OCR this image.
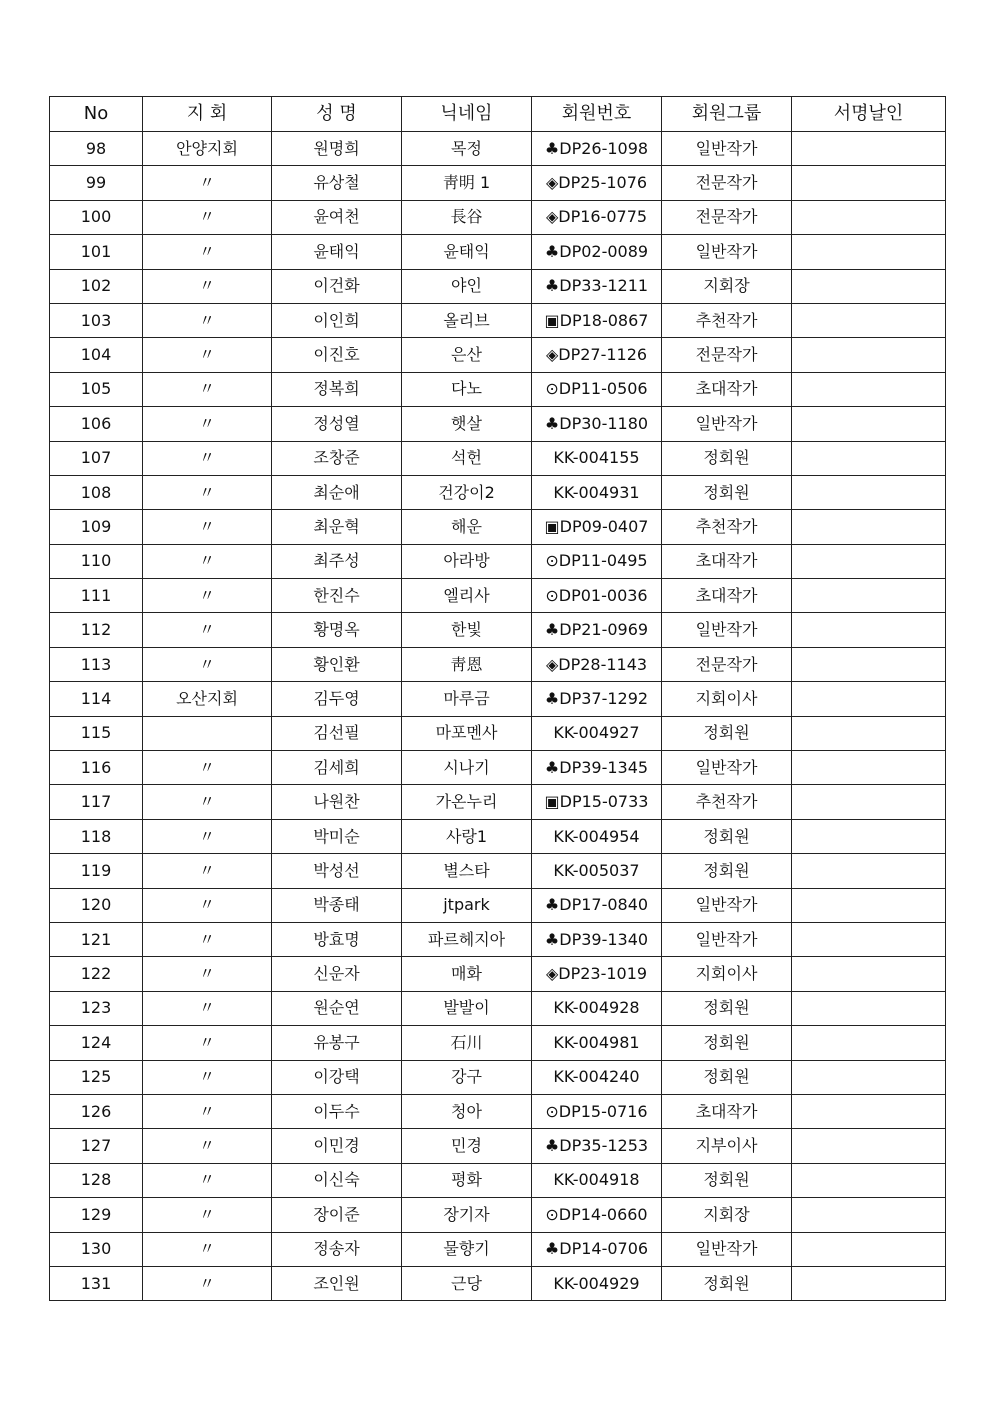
No	지 회	성 명	닉네임	회원번호	회원그룹	서명날인
98	안양지회	원명희	목정	♣DP26-1098	일반작가	
99	〃	유상철	靑明 1	◈DP25-1076	전문작가	
100	〃	윤여천	長谷	◈DP16-0775	전문작가	
101	〃	윤태익	윤태익	♣DP02-0089	일반작가	
102	〃	이건화	야인	♣DP33-1211	지회장	
103	〃	이인희	올리브	▣DP18-0867	추천작가	
104	〃	이진호	은산	◈DP27-1126	전문작가	
105	〃	정복희	다노	⊙DP11-0506	초대작가	
106	〃	정성열	햇살	♣DP30-1180	일반작가	
107	〃	조창준	석헌	KK-004155	정회원	
108	〃	최순애	건강이2	KK-004931	정회원	
109	〃	최운혁	해운	▣DP09-0407	추천작가	
110	〃	최주성	아라방	⊙DP11-0495	초대작가	
111	〃	한진수	엘리사	⊙DP01-0036	초대작가	
112	〃	황명옥	한빛	♣DP21-0969	일반작가	
113	〃	황인환	靑恩	◈DP28-1143	전문작가	
114	오산지회	김두영	마루금	♣DP37-1292	지회이사	
115		김선필	마포멘사	KK-004927	정회원	
116	〃	김세희	시나기	♣DP39-1345	일반작가	
117	〃	나원찬	가온누리	▣DP15-0733	추천작가	
118	〃	박미순	사랑1	KK-004954	정회원	
119	〃	박성선	별스타	KK-005037	정회원	
120	〃	박종태	jtpark	♣DP17-0840	일반작가	
121	〃	방효명	파르헤지아	♣DP39-1340	일반작가	
122	〃	신운자	매화	◈DP23-1019	지회이사	
123	〃	원순연	발발이	KK-004928	정회원	
124	〃	유봉구	石川	KK-004981	정회원	
125	〃	이강택	강구	KK-004240	정회원	
126	〃	이두수	청아	⊙DP15-0716	초대작가	
127	〃	이민경	민경	♣DP35-1253	지부이사	
128	〃	이신숙	평화	KK-004918	정회원	
129	〃	장이준	장기자	⊙DP14-0660	지회장	
130	〃	정송자	물향기	♣DP14-0706	일반작가	
131	〃	조인원	근당	KK-004929	정회원	
